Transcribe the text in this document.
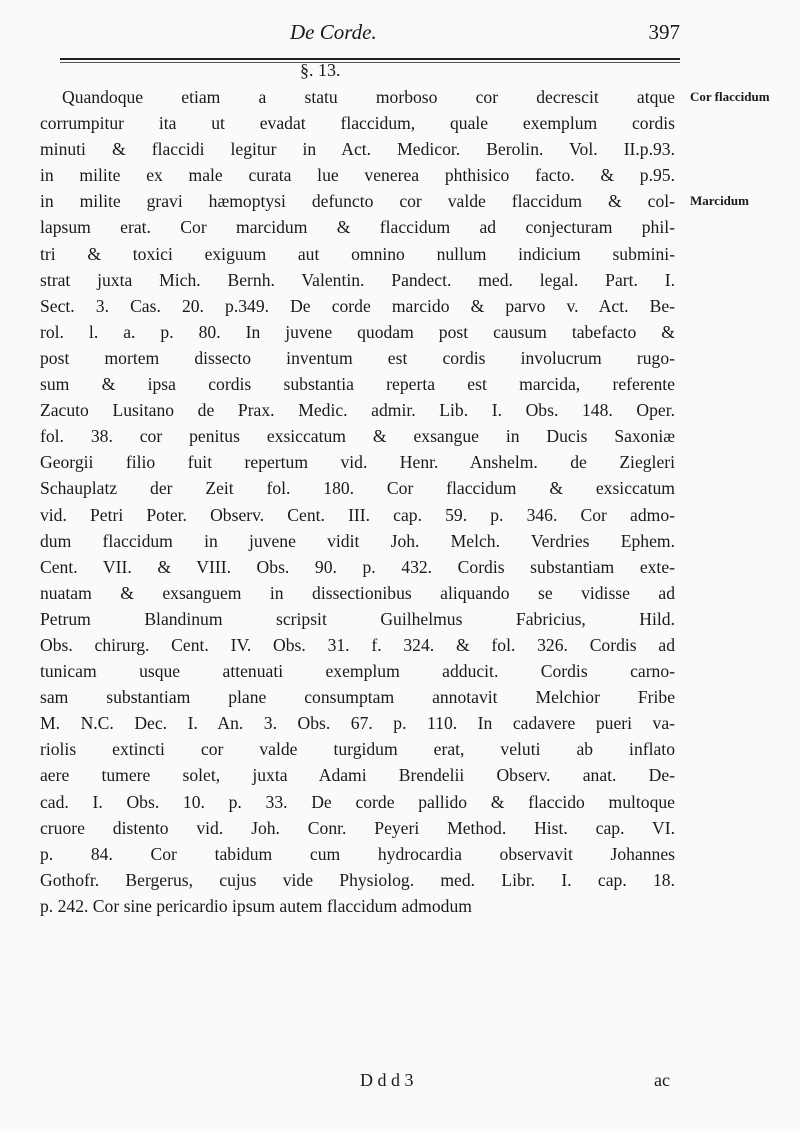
De Corde.	397
§. 13.
Quandoque etiam a statu morboso cor decrescit atque
corrumpitur ita ut evadat flaccidum, quale exemplum cordis
minuti & flaccidi legitur in Act. Medicor. Berolin. Vol. II.p.93.
in milite ex male curata lue venerea phthisico facto. & p.95.
in milite gravi hæmoptysi defuncto cor valde flaccidum & col-
lapsum erat. Cor marcidum & flaccidum ad conjecturam phil-
tri & toxici exiguum aut omnino nullum indicium submini-
strat juxta Mich. Bernh. Valentin. Pandect. med. legal. Part. I.
Sect. 3. Cas. 20. p.349. De corde marcido & parvo v. Act. Be-
rol. l. a. p. 80. In juvene quodam post causum tabefacto &
post mortem dissecto inventum est cordis involucrum rugo-
sum & ipsa cordis substantia reperta est marcida, referente
Zacuto Lusitano de Prax. Medic. admir. Lib. I. Obs. 148. Oper.
fol. 38. cor penitus exsiccatum & exsangue in Ducis Saxoniæ
Georgii filio fuit repertum vid. Henr. Anshelm. de Ziegleri
Schauplatz der Zeit fol. 180. Cor flaccidum & exsiccatum
vid. Petri Poter. Observ. Cent. III. cap. 59. p. 346. Cor admo-
dum flaccidum in juvene vidit Joh. Melch. Verdries Ephem.
Cent. VII. & VIII. Obs. 90. p. 432. Cordis substantiam exte-
nuatam & exsanguem in dissectionibus aliquando se vidisse ad
Petrum Blandinum scripsit Guilhelmus Fabricius, Hild.
Obs. chirurg. Cent. IV. Obs. 31. f. 324. & fol. 326. Cordis ad
tunicam usque attenuati exemplum adducit. Cordis carno-
sam substantiam plane consumptam annotavit Melchior Fribe
M. N.C. Dec. I. An. 3. Obs. 67. p. 110. In cadavere pueri va-
riolis extincti cor valde turgidum erat, veluti ab inflato
aere tumere solet, juxta Adami Brendelii Observ. anat. De-
cad. I. Obs. 10. p. 33. De corde pallido & flaccido multoque
cruore distento vid. Joh. Conr. Peyeri Method. Hist. cap. VI.
p. 84. Cor tabidum cum hydrocardia observavit Johannes
Gothofr. Bergerus, cujus vide Physiolog. med. Libr. I. cap. 18.
p. 242. Cor sine pericardio ipsum autem flaccidum admodum
Cor flaccidum
Marcidum
D d d 3	ac
